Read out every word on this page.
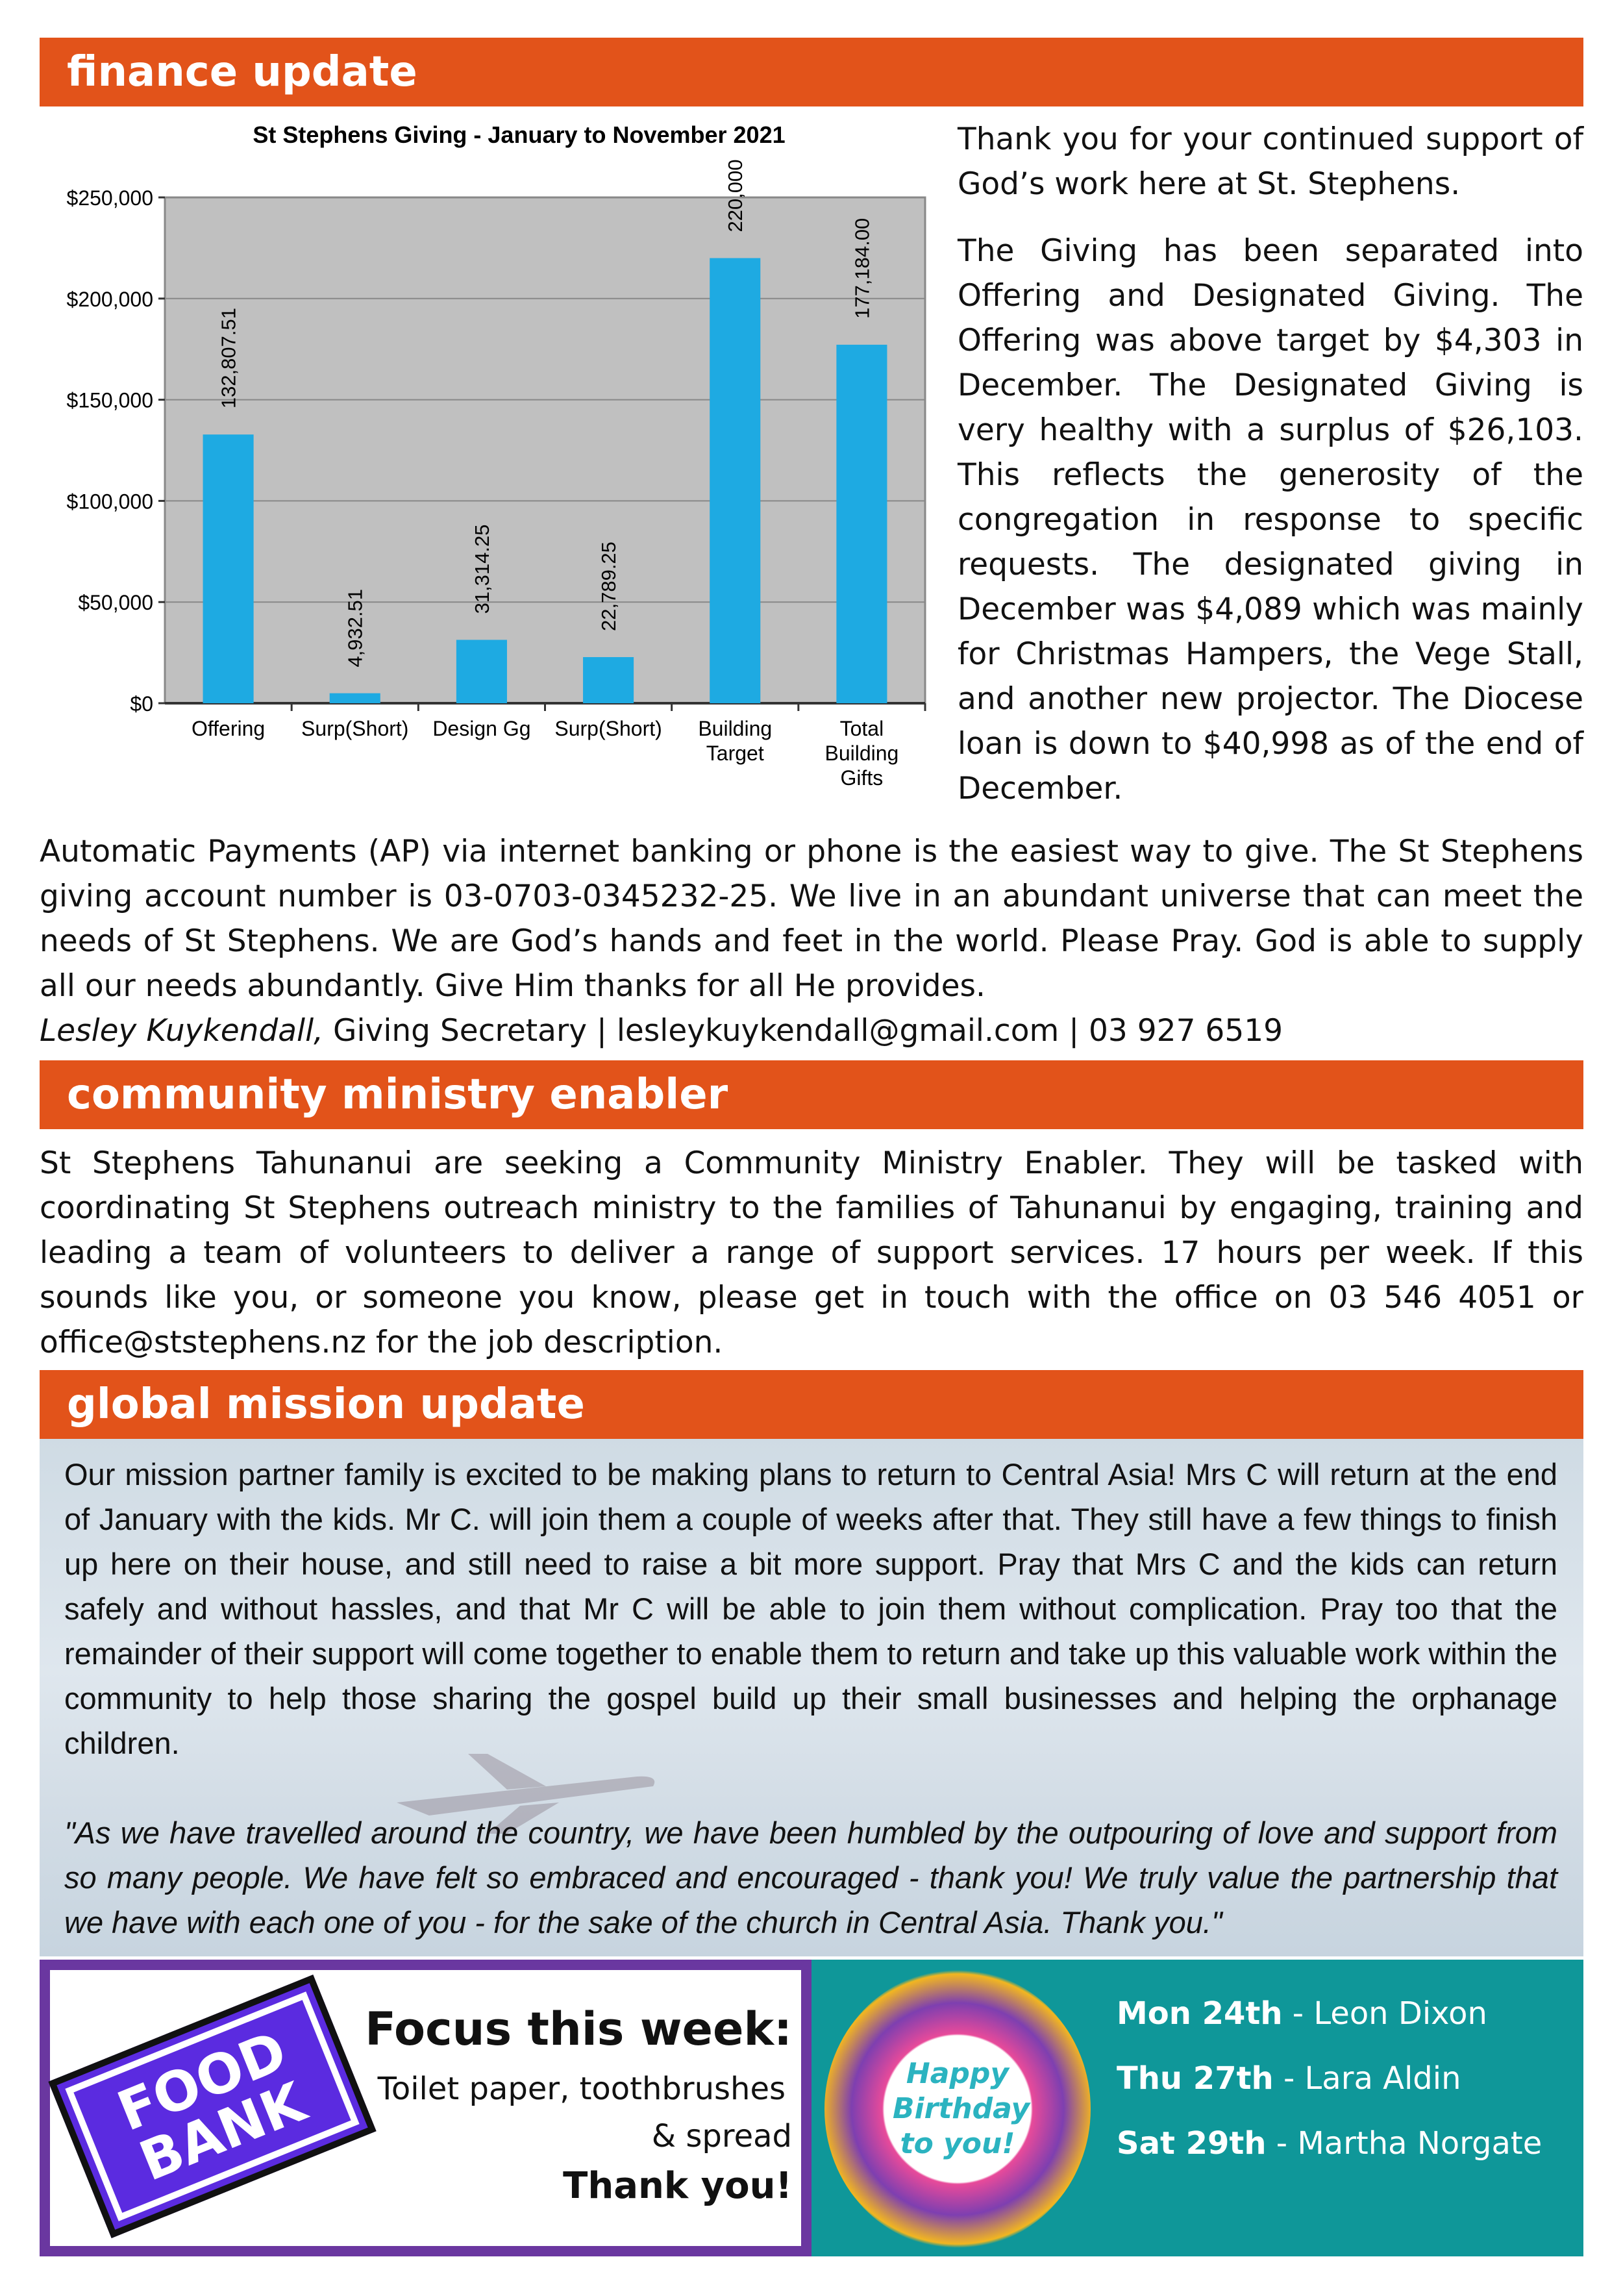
finance update
St Stephens Giving - January to November 2021
$0
$50,000
$100,000
$150,000
$200,000
$250,000
132,807.51
Offering
4,932.51
Surp(Short)
31,314.25
Design Gg
22,789.25
Surp(Short)
220,000
Building
Target
177,184.00
Total
Building
Gifts
Thank you for your continued support of God’s work here at St. Stephens.
The Giving has been separated into Offering and Designated Giving. The Offering was above target by $4,303 in December. The Designated Giving is very healthy with a surplus of $26,103. This reflects the generosity of the congregation in response to specific requests. The designated giving in December was $4,089 which was mainly for Christmas Hampers, the Vege Stall, and another new projector. The Diocese loan is down to $40,998 as of the end of December.
Automatic Payments (AP) via internet banking or phone is the easiest way to give. The St Stephens giving account number is 03-0703-0345232-25. We live in an abundant universe that can meet the needs of St Stephens. We are God’s hands and feet in the world. Please Pray. God is able to supply all our needs abundantly. Give Him thanks for all He provides.
Lesley Kuykendall, Giving Secretary | lesleykuykendall@gmail.com | 03 927 6519
community ministry enabler
St Stephens Tahunanui are seeking a Community Ministry Enabler. They will be tasked with coordinating St Stephens outreach ministry to the families of Tahunanui by engaging, training and leading a team of volunteers to deliver a range of support services. 17 hours per week. If this sounds like you, or someone you know, please get in touch with the office on 03 546 4051 or office@ststephens.nz for the job description.
global mission update

Our mission partner family is excited to be making plans to return to Central Asia! Mrs C will return at the end of January with the kids. Mr C. will join them a couple of weeks after that. They still have a few things to finish up here on their house, and still need to raise a bit more support. Pray that Mrs C and the kids can return safely and without hassles, and that Mr C will be able to join them without complication. Pray too that the remainder of their support will come together to enable them to return and take up this valuable work within the community to help those sharing the gospel build up their small businesses and helping the orphanage children.

"As we have travelled around the country, we have been humbled by the outpouring of love and support from so many people. We have felt so embraced and encouraged - thank you! We truly value the partnership that we have with each one of you - for the sake of the church in Central Asia. Thank you."

FOOD BANK
Focus this week:
Toilet paper, toothbrushes
& spread
Thank you!
Happy Birthday to you!
Mon 24th - Leon Dixon
Thu 27th - Lara Aldin
Sat 29th - Martha Norgate
